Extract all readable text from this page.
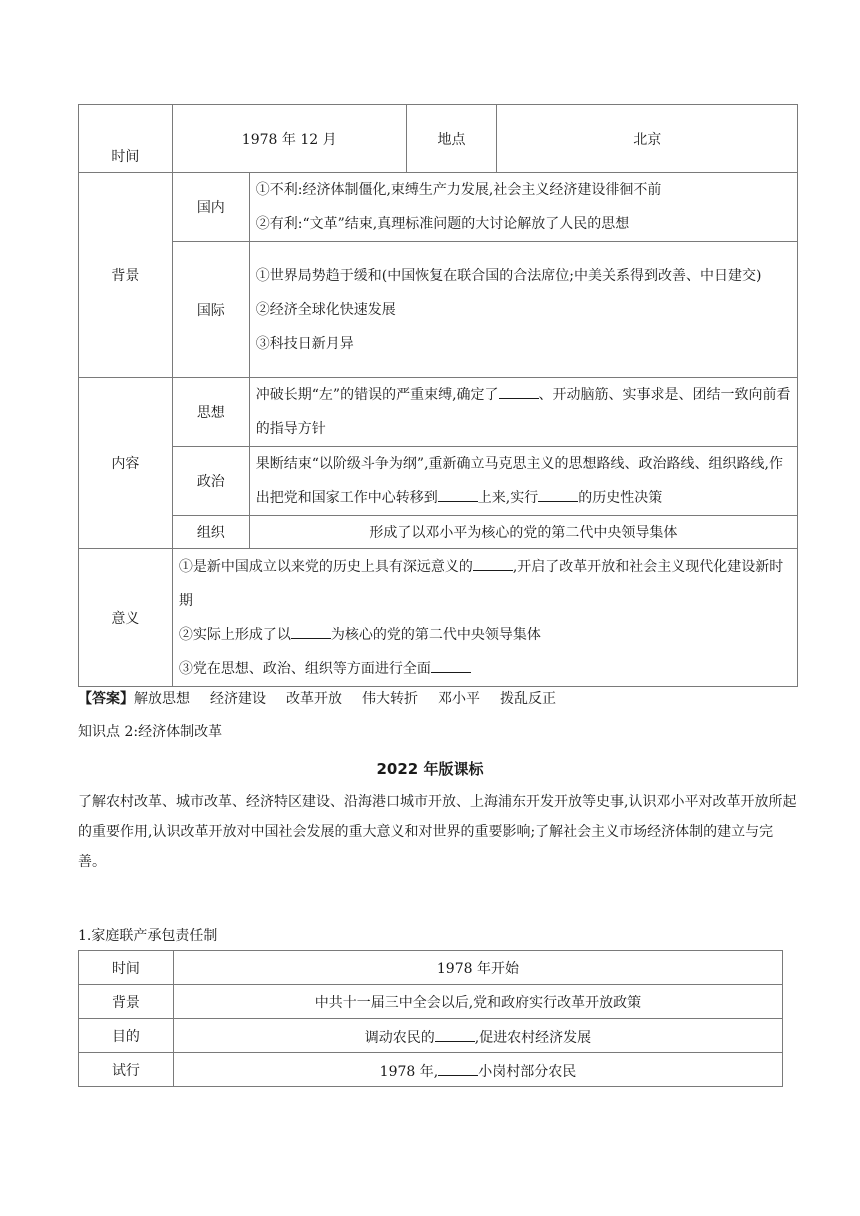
时间	1978 年 12 月		地点	北京
背景	国内	①不利:经济体制僵化,束缚生产力发展,社会主义经济建设徘徊不前
②有利:“文革”结束,真理标准问题的大讨论解放了人民的思想		

	国际	①世界局势趋于缓和(中国恢复在联合国的合法席位;中美关系得到改善、中日建交)
②经济全球化快速发展
③科技日新月异		

内容	思想	冲破长期“左”的错误的严重束缚,确定了 、开动脑筋、实事求是、团结一致向前看的指导方针		
	政治	果断结束“以阶级斗争为纲”,重新确立马克思主义的思想路线、政治路线、组织路线,作出把党和国家工作中心转移到 上来,实行 的历史性决策		
	组织	形成了以邓小平为核心的党的第二代中央领导集体		
意义	①是新中国成立以来党的历史上具有深远意义的 ,开启了改革开放和社会主义现代化建设新时期
②实际上形成了以 为核心的党的第二代中央领导集体
③党在思想、政治、组织等方面进行全面			
【答案】解放思想 经济建设 改革开放 伟大转折 邓小平 拨乱反正
知识点 2:经济体制改革
2022 年版课标
了解农村改革、城市改革、经济特区建设、沿海港口城市开放、上海浦东开发开放等史事,认识邓小平对改革开放所起的重要作用,认识改革开放对中国社会发展的重大意义和对世界的重要影响;了解社会主义市场经济体制的建立与完善。
1.家庭联产承包责任制
时间	1978 年开始
背景	中共十一届三中全会以后,党和政府实行改革开放政策
目的	调动农民的 ,促进农村经济发展
试行	1978 年, 小岗村部分农民
